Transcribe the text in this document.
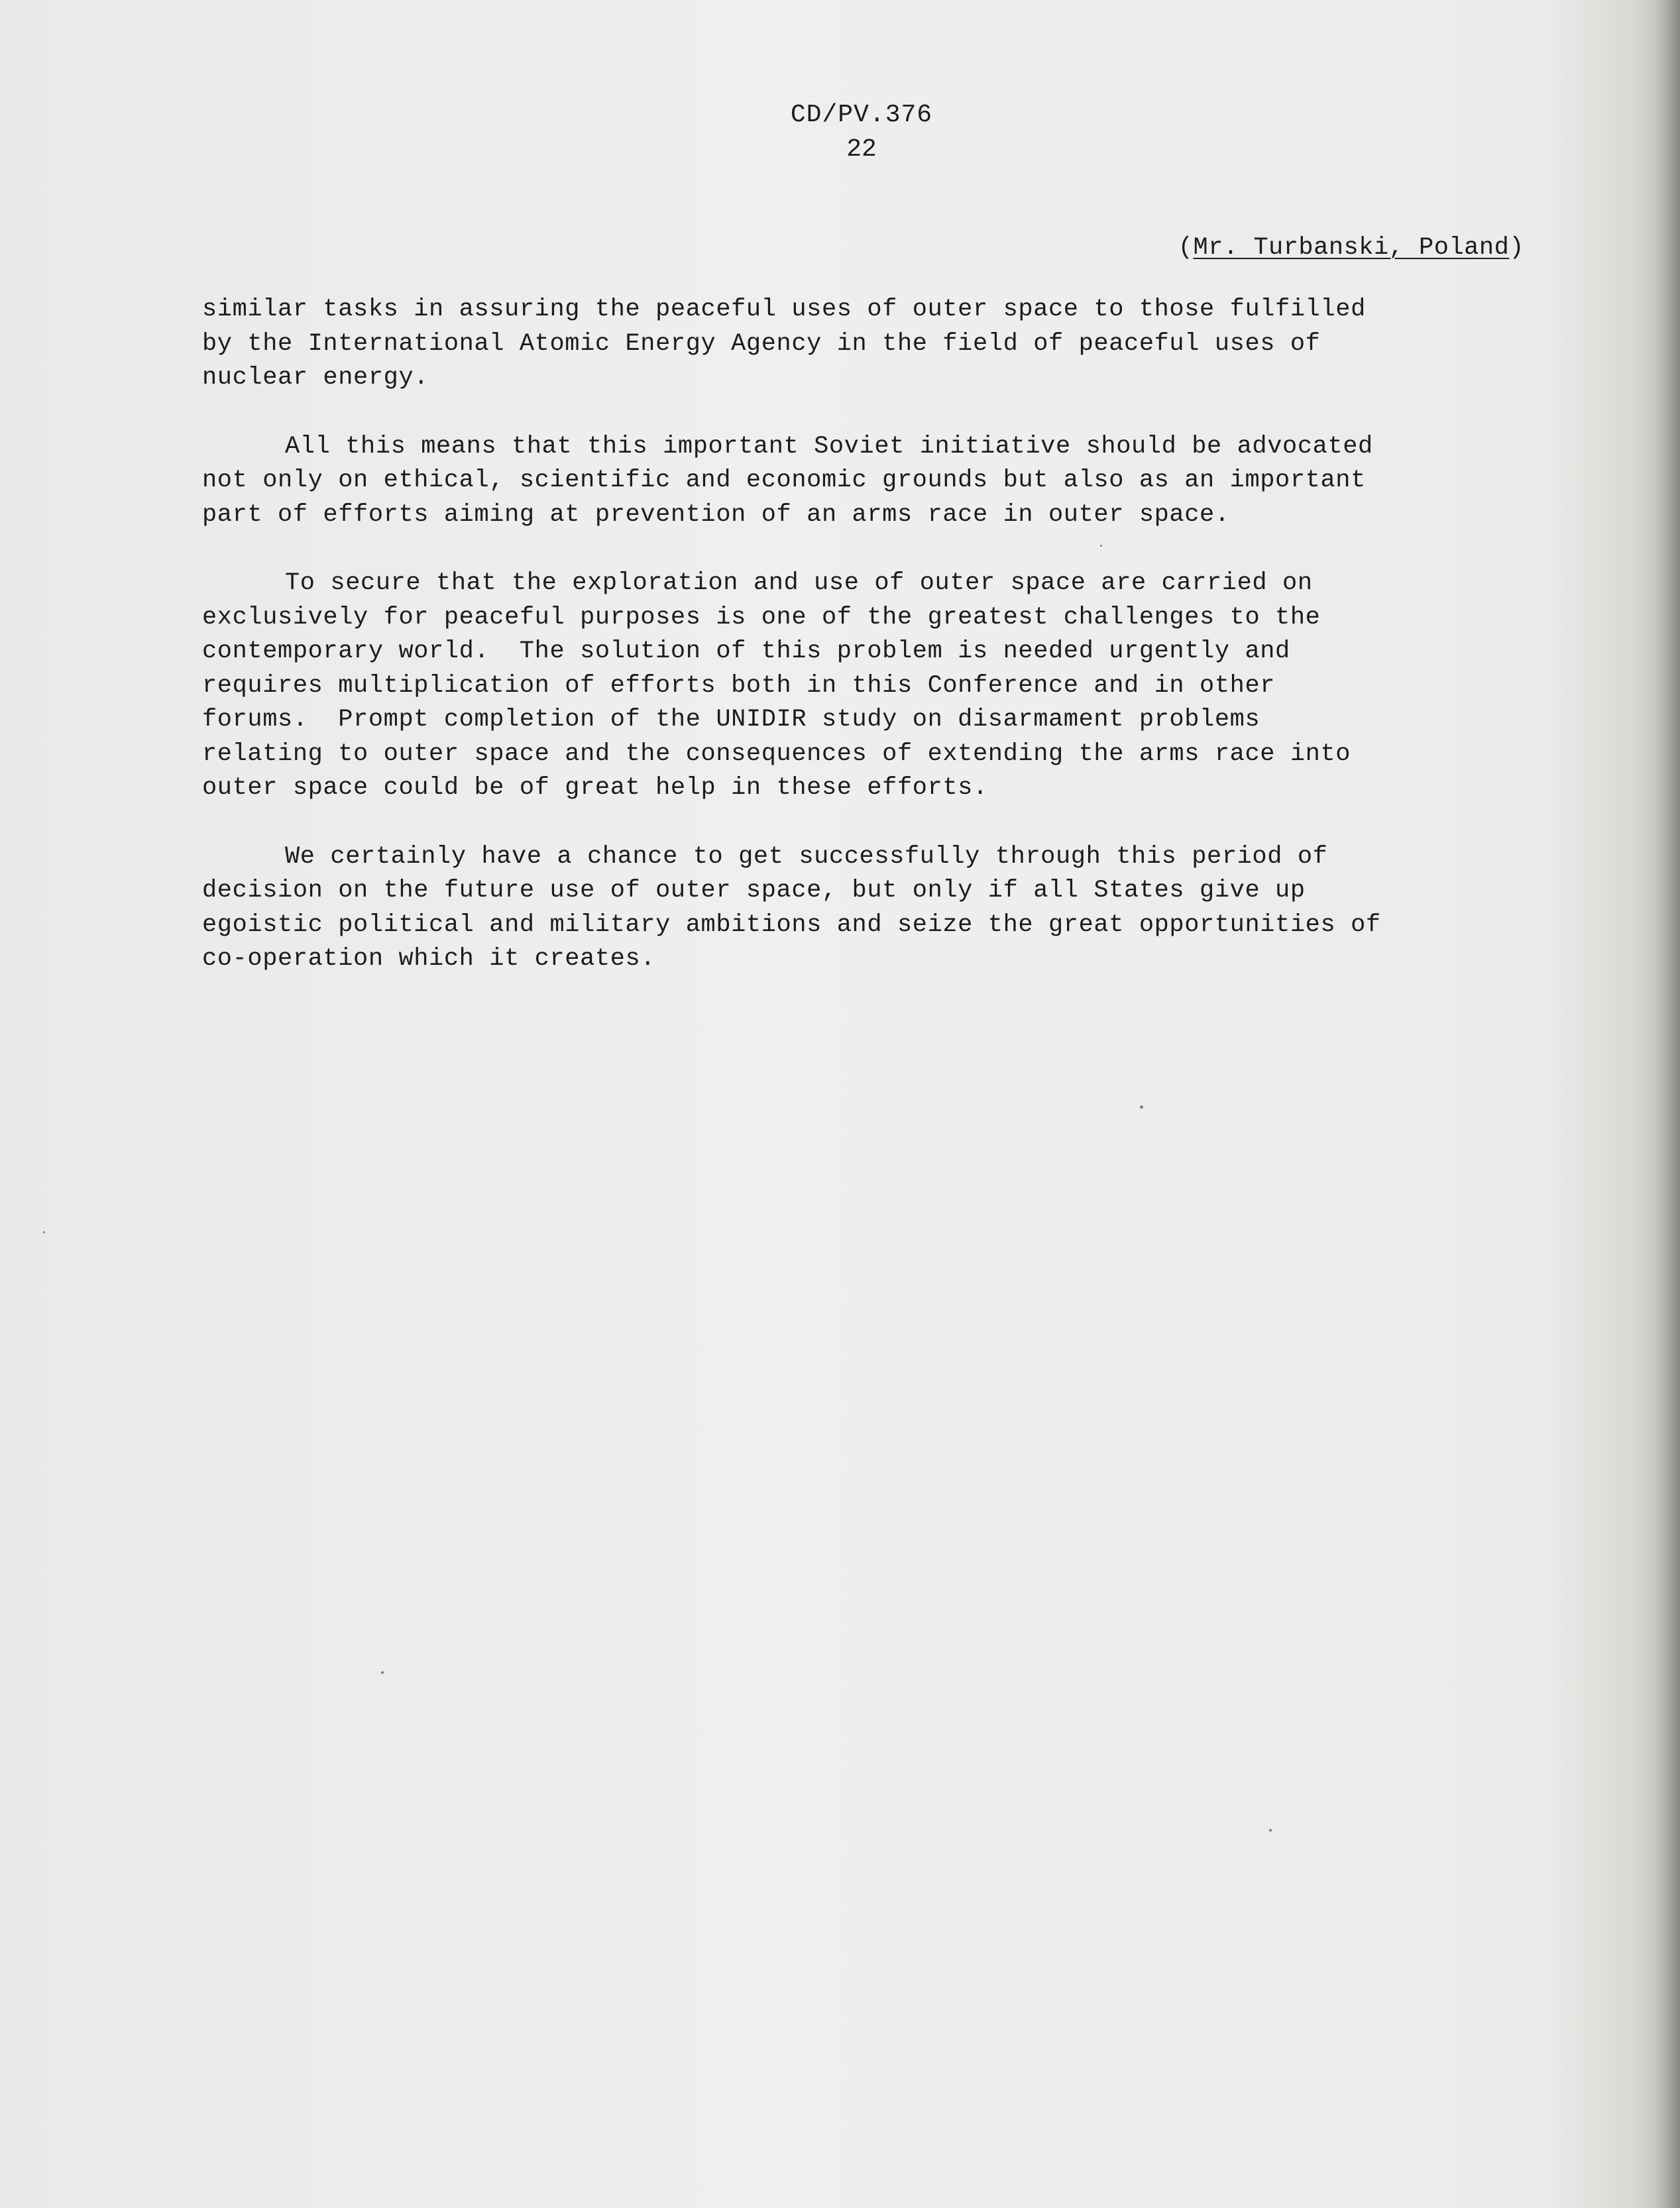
CD/PV.376
22
(Mr. Turbanski, Poland)

similar tasks in assuring the peaceful uses of outer space to those fulfilled
by the International Atomic Energy Agency in the field of peaceful uses of
nuclear energy.

All this means that this important Soviet initiative should be advocated
not only on ethical, scientific and economic grounds but also as an important
part of efforts aiming at prevention of an arms race in outer space.

To secure that the exploration and use of outer space are carried on
exclusively for peaceful purposes is one of the greatest challenges to the
contemporary world.  The solution of this problem is needed urgently and
requires multiplication of efforts both in this Conference and in other
forums.  Prompt completion of the UNIDIR study on disarmament problems
relating to outer space and the consequences of extending the arms race into
outer space could be of great help in these efforts.

We certainly have a chance to get successfully through this period of
decision on the future use of outer space, but only if all States give up
egoistic political and military ambitions and seize the great opportunities of
co-operation which it creates.
